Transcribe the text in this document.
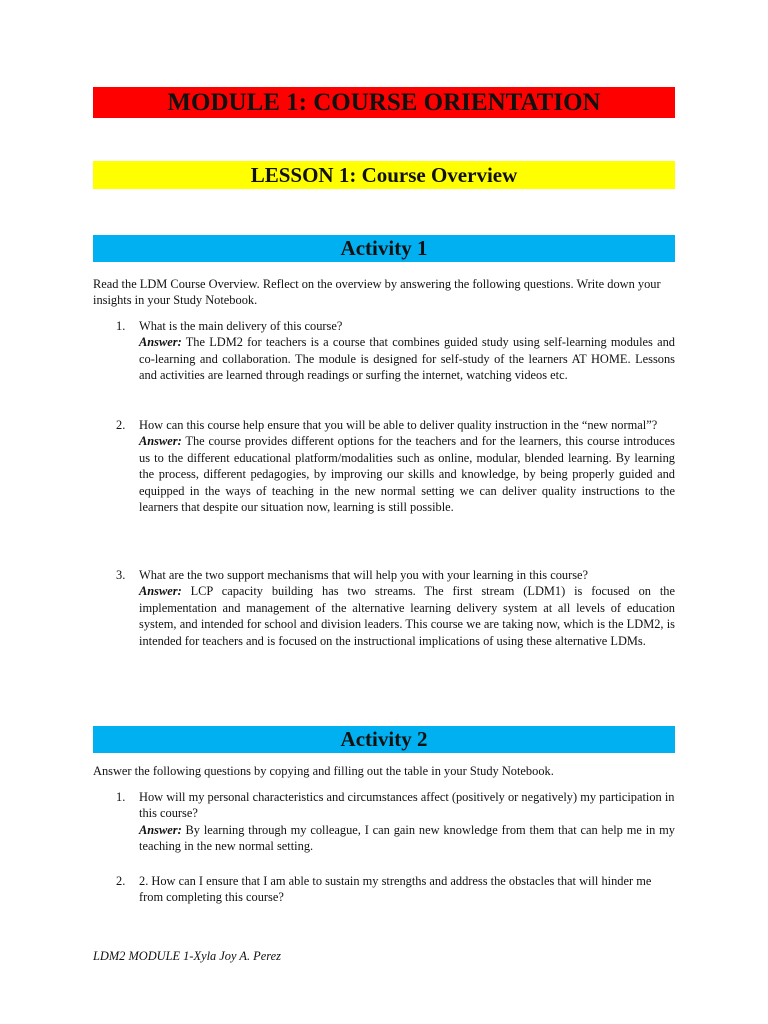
MODULE 1: COURSE ORIENTATION
LESSON 1: Course Overview
Activity 1

Read the LDM Course Overview. Reflect on the overview by answering the following questions. Write down your insights in your Study Notebook.

1. What is the main delivery of this course?

Answer: The LDM2 for teachers is a course that combines guided study using self-learning modules and co-learning and collaboration. The module is designed for self-study of the learners AT HOME. Lessons and activities are learned through readings or surfing the internet, watching videos etc.

2. How can this course help ensure that you will be able to deliver quality instruction in the “new normal”?

Answer: The course provides different options for the teachers and for the learners, this course introduces us to the different educational platform/modalities such as online, modular, blended learning. By learning the process, different pedagogies, by improving our skills and knowledge, by being properly guided and equipped in the ways of teaching in the new normal setting we can deliver quality instructions to the learners that despite our situation now, learning is still possible.

3. What are the two support mechanisms that will help you with your learning in this course?

Answer: LCP capacity building has two streams. The first stream (LDM1) is focused on the implementation and management of the alternative learning delivery system at all levels of education system, and intended for school and division leaders. This course we are taking now, which is the LDM2, is intended for teachers and is focused on the instructional implications of using these alternative LDMs.

Activity 2

Answer the following questions by copying and filling out the table in your Study Notebook.

1. How will my personal characteristics and circumstances affect (positively or negatively) my participation in this course?

Answer: By learning through my colleague, I can gain new knowledge from them that can help me in my teaching in the new normal setting.

2. 2. How can I ensure that I am able to sustain my strengths and address the obstacles that will hinder me from completing this course?

LDM2 MODULE 1-Xyla Joy A. Perez
